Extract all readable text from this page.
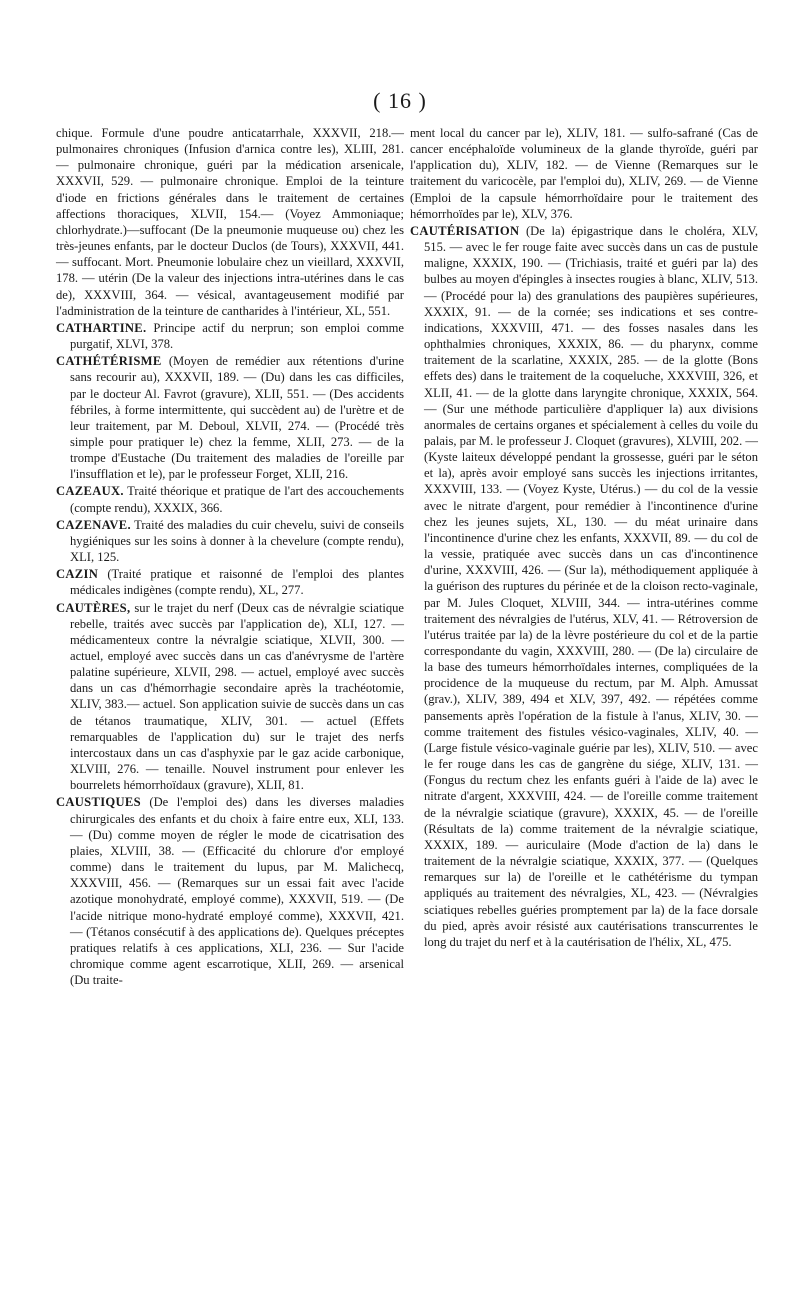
( 16 )

chique. Formule d'une poudre anticatarrhale, XXXVII, 218.— pulmonaires chroniques (Infusion d'arnica contre les), XLIII, 281. — pulmonaire chronique, guéri par la médication arsenicale, XXXVII, 529. — pulmonaire chronique. Emploi de la teinture d'iode en frictions générales dans le traitement de certaines affections thoraciques, XLVII, 154.— (Voyez Ammoniaque; chlorhydrate.)—suffocant (De la pneumonie muqueuse ou) chez les très-jeunes enfants, par le docteur Duclos (de Tours), XXXVII, 441. — suffocant. Mort. Pneumonie lobulaire chez un vieillard, XXXVII, 178. — utérin (De la valeur des injections intra-utérines dans le cas de), XXXVIII, 364. — vésical, avantageusement modifié par l'administration de la teinture de cantharides à l'intérieur, XL, 551.

CATHARTINE. Principe actif du nerprun; son emploi comme purgatif, XLVI, 378.

CATHÉTÉRISME (Moyen de remédier aux rétentions d'urine sans recourir au), XXXVII, 189. — (Du) dans les cas difficiles, par le docteur Al. Favrot (gravure), XLII, 551. — (Des accidents fébriles, à forme intermittente, qui succèdent au) de l'urètre et de leur traitement, par M. Deboul, XLVII, 274. — (Procédé très simple pour pratiquer le) chez la femme, XLII, 273. — de la trompe d'Eustache (Du traitement des maladies de l'oreille par l'insufflation et le), par le professeur Forget, XLII, 216.

CAZEAUX. Traité théorique et pratique de l'art des accouchements (compte rendu), XXXIX, 366.

CAZENAVE. Traité des maladies du cuir chevelu, suivi de conseils hygiéniques sur les soins à donner à la chevelure (compte rendu), XLI, 125.

CAZIN (Traité pratique et raisonné de l'emploi des plantes médicales indigènes (compte rendu), XL, 277.

CAUTÈRES, sur le trajet du nerf (Deux cas de névralgie sciatique rebelle, traités avec succès par l'application de), XLI, 127. — médicamenteux contre la névralgie sciatique, XLVII, 300. — actuel, employé avec succès dans un cas d'anévrysme de l'artère palatine supérieure, XLVII, 298. — actuel, employé avec succès dans un cas d'hémorrhagie secondaire après la trachéotomie, XLIV, 383.— actuel. Son application suivie de succès dans un cas de tétanos traumatique, XLIV, 301. — actuel (Effets remarquables de l'application du) sur le trajet des nerfs intercostaux dans un cas d'asphyxie par le gaz acide carbonique, XLVIII, 276. — tenaille. Nouvel instrument pour enlever les bourrelets hémorrhoïdaux (gravure), XLII, 81.

CAUSTIQUES (De l'emploi des) dans les diverses maladies chirurgicales des enfants et du choix à faire entre eux, XLI, 133. — (Du) comme moyen de régler le mode de cicatrisation des plaies, XLVIII, 38. — (Efficacité du chlorure d'or employé comme) dans le traitement du lupus, par M. Malichecq, XXXVIII, 456. — (Remarques sur un essai fait avec l'acide azotique monohydraté, employé comme), XXXVII, 519. — (De l'acide nitrique mono-hydraté employé comme), XXXVII, 421. — (Tétanos consécutif à des applications de). Quelques préceptes pratiques relatifs à ces applications, XLI, 236. — Sur l'acide chromique comme agent escarrotique, XLII, 269. — arsenical (Du traite-

ment local du cancer par le), XLIV, 181. — sulfo-safrané (Cas de cancer encéphaloïde volumineux de la glande thyroïde, guéri par l'application du), XLIV, 182. — de Vienne (Remarques sur le traitement du varicocèle, par l'emploi du), XLIV, 269. — de Vienne (Emploi de la capsule hémorrhoïdaire pour le traitement des hémorrhoïdes par le), XLV, 376.

CAUTÉRISATION (De la) épigastrique dans le choléra, XLV, 515. — avec le fer rouge faite avec succès dans un cas de pustule maligne, XXXIX, 190. — (Trichiasis, traité et guéri par la) des bulbes au moyen d'épingles à insectes rougies à blanc, XLIV, 513. — (Procédé pour la) des granulations des paupières supérieures, XXXIX, 91. — de la cornée; ses indications et ses contre-indications, XXXVIII, 471. — des fosses nasales dans les ophthalmies chroniques, XXXIX, 86. — du pharynx, comme traitement de la scarlatine, XXXIX, 285. — de la glotte (Bons effets des) dans le traitement de la coqueluche, XXXVIII, 326, et XLII, 41. — de la glotte dans laryngite chronique, XXXIX, 564. — (Sur une méthode particulière d'appliquer la) aux divisions anormales de certains organes et spécialement à celles du voile du palais, par M. le professeur J. Cloquet (gravures), XLVIII, 202. — (Kyste laiteux développé pendant la grossesse, guéri par le séton et la), après avoir employé sans succès les injections irritantes, XXXVIII, 133. — (Voyez Kyste, Utérus.) — du col de la vessie avec le nitrate d'argent, pour remédier à l'incontinence d'urine chez les jeunes sujets, XL, 130. — du méat urinaire dans l'incontinence d'urine chez les enfants, XXXVII, 89. — du col de la vessie, pratiquée avec succès dans un cas d'incontinence d'urine, XXXVIII, 426. — (Sur la), méthodiquement appliquée à la guérison des ruptures du périnée et de la cloison recto-vaginale, par M. Jules Cloquet, XLVIII, 344. — intra-utérines comme traitement des névralgies de l'utérus, XLV, 41. — Rétroversion de l'utérus traitée par la) de la lèvre postérieure du col et de la partie correspondante du vagin, XXXVIII, 280. — (De la) circulaire de la base des tumeurs hémorrhoïdales internes, compliquées de la procidence de la muqueuse du rectum, par M. Alph. Amussat (grav.), XLIV, 389, 494 et XLV, 397, 492. — répétées comme pansements après l'opération de la fistule à l'anus, XLIV, 30. — comme traitement des fistules vésico-vaginales, XLIV, 40. — (Large fistule vésico-vaginale guérie par les), XLIV, 510. — avec le fer rouge dans les cas de gangrène du siége, XLIV, 131. — (Fongus du rectum chez les enfants guéri à l'aide de la) avec le nitrate d'argent, XXXVIII, 424. — de l'oreille comme traitement de la névralgie sciatique (gravure), XXXIX, 45. — de l'oreille (Résultats de la) comme traitement de la névralgie sciatique, XXXIX, 189. — auriculaire (Mode d'action de la) dans le traitement de la névralgie sciatique, XXXIX, 377. — (Quelques remarques sur la) de l'oreille et le cathétérisme du tympan appliqués au traitement des névralgies, XL, 423. — (Névralgies sciatiques rebelles guéries promptement par la) de la face dorsale du pied, après avoir résisté aux cautérisations transcurrentes le long du trajet du nerf et à la cautérisation de l'hélix, XL, 475.
